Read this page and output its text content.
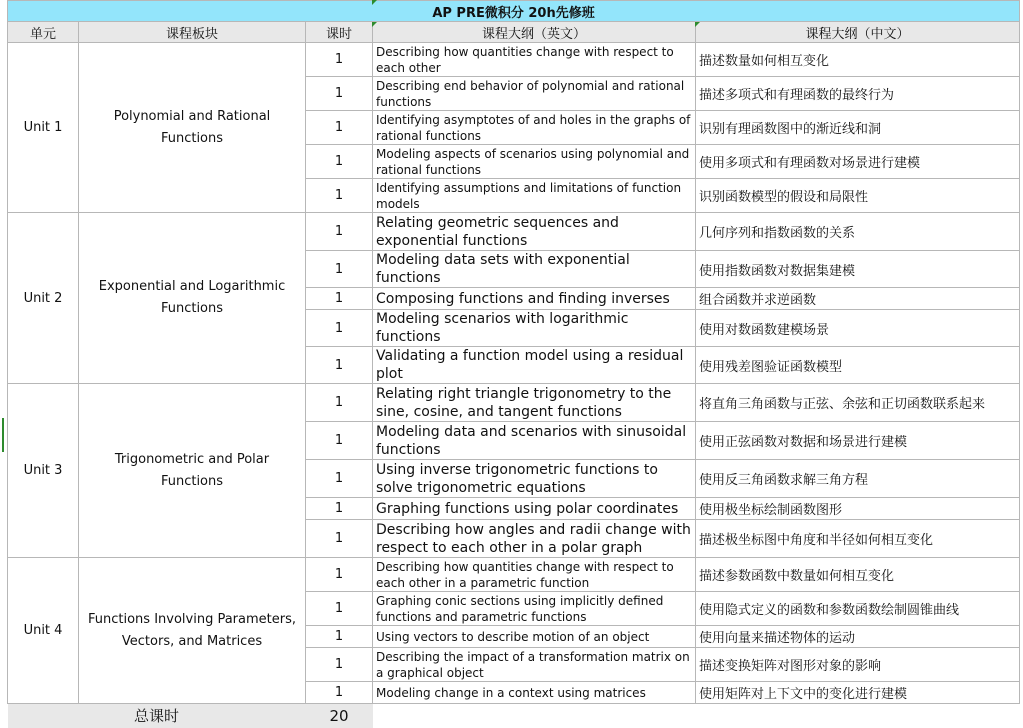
AP PRE微积分 20h先修班				
单元	课程板块	课时	课程大纲（英文）	课程大纲（中文）
Unit 1	Polynomial and Rational Functions	1	Describing how quantities change with respect to each other	描述数量如何相互变化
		1	Describing end behavior of polynomial and rational functions	描述多项式和有理函数的最终行为
		1	Identifying asymptotes of and holes in the graphs of rational functions	识别有理函数图中的渐近线和洞
		1	Modeling aspects of scenarios using polynomial and rational functions	使用多项式和有理函数对场景进行建模
		1	Identifying assumptions and limitations of function models	识别函数模型的假设和局限性
Unit 2	Exponential and Logarithmic Functions	1	Relating geometric sequences and exponential functions	几何序列和指数函数的关系
		1	Modeling data sets with exponential functions	使用指数函数对数据集建模
		1	Composing functions and finding inverses	组合函数并求逆函数
		1	Modeling scenarios with logarithmic functions	使用对数函数建模场景
		1	Validating a function model using a residual plot	使用残差图验证函数模型
Unit 3	Trigonometric and Polar Functions	1	Relating right triangle trigonometry to the sine, cosine, and tangent functions	将直角三角函数与正弦、余弦和正切函数联系起来
		1	Modeling data and scenarios with sinusoidal functions	使用正弦函数对数据和场景进行建模
		1	Using inverse trigonometric functions to solve trigonometric equations	使用反三角函数求解三角方程
		1	Graphing functions using polar coordinates	使用极坐标绘制函数图形
		1	Describing how angles and radii change with respect to each other in a polar graph	描述极坐标图中角度和半径如何相互变化
Unit 4	Functions Involving Parameters, Vectors, and Matrices	1	Describing how quantities change with respect to each other in a parametric function	描述参数函数中数量如何相互变化
		1	Graphing conic sections using implicitly defined functions and parametric functions	使用隐式定义的函数和参数函数绘制圆锥曲线
		1	Using vectors to describe motion of an object	使用向量来描述物体的运动
		1	Describing the impact of a transformation matrix on a graphical object	描述变换矩阵对图形对象的影响
		1	Modeling change in a context using matrices	使用矩阵对上下文中的变化进行建模
总课时		20		
